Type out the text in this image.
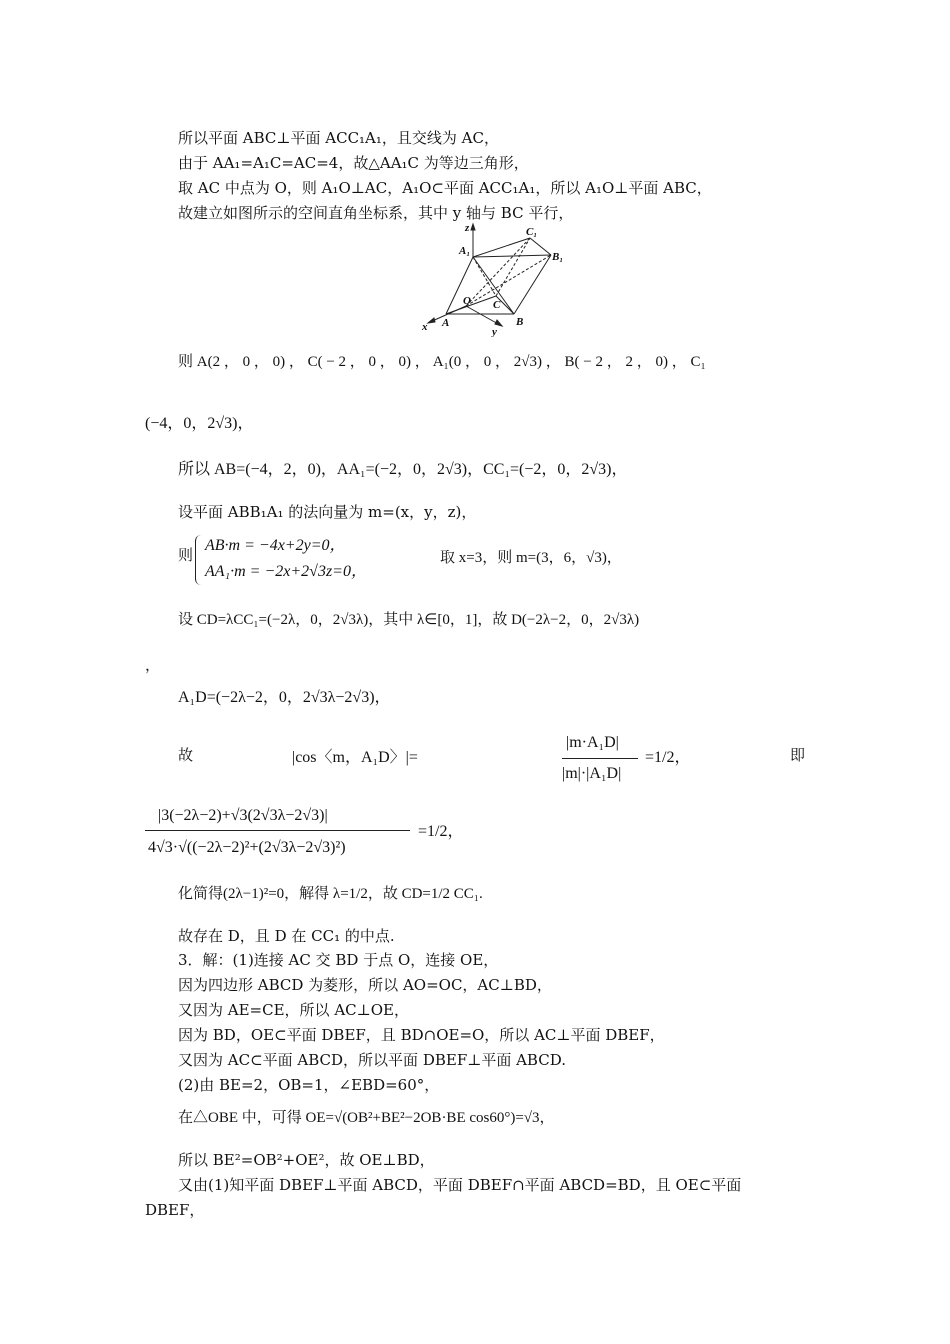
所以平面 ABC⊥平面 ACC₁A₁，且交线为 AC，
由于 AA₁=A₁C=AC=4，故△AA₁C 为等边三角形，
取 AC 中点为 O，则 A₁O⊥AC，A₁O⊂平面 ACC₁A₁，所以 A₁O⊥平面 ABC，
故建立如图所示的空间直角坐标系，其中 y 轴与 BC 平行，
z
x	y
A	B
C
O
A₁	B₁
C₁
则 A(2 ， 0 ， 0) ， C( − 2 ， 0 ， 0) ， A₁(0 ， 0 ， 2√3) ， B( − 2 ， 2 ， 0) ， C₁
(−4，0，2√3)，
所以 AB=(−4，2，0)，AA₁=(−2，0，2√3)，CC₁=(−2，0，2√3)，
设平面 ABB₁A₁ 的法向量为 m=(x，y，z)，
则
AB·m = −4x+2y=0，
AA₁·m = −2x+2√3z=0，
取 x=3，则 m=(3，6，√3)，
设 CD=λCC₁=(−2λ，0，2√3λ)，其中 λ∈[0，1]，故 D(−2λ−2，0，2√3λ)
，
A₁D=(−2λ−2，0，2√3λ−2√3)，
故	|cos〈m，A₁D〉|=
|m·A₁D|
|m|·|A₁D|
=1/2，	即
|3(−2λ−2)+√3(2√3λ−2√3)|
4√3·√((−2λ−2)²+(2√3λ−2√3)²)
=1/2，
化简得(2λ−1)²=0，解得 λ=1/2，故 CD=1/2 CC₁.
故存在 D，且 D 在 CC₁ 的中点.
3．解：(1)连接 AC 交 BD 于点 O，连接 OE，
因为四边形 ABCD 为菱形，所以 AO=OC，AC⊥BD，
又因为 AE=CE，所以 AC⊥OE，
因为 BD，OE⊂平面 DBEF，且 BD∩OE=O，所以 AC⊥平面 DBEF，
又因为 AC⊂平面 ABCD，所以平面 DBEF⊥平面 ABCD.
(2)由 BE=2，OB=1，∠EBD=60°，
在△OBE 中，可得 OE=√(OB²+BE²−2OB·BE cos60°)=√3，
所以 BE²=OB²+OE²，故 OE⊥BD，
又由(1)知平面 DBEF⊥平面 ABCD，平面 DBEF∩平面 ABCD=BD，且 OE⊂平面
DBEF，
